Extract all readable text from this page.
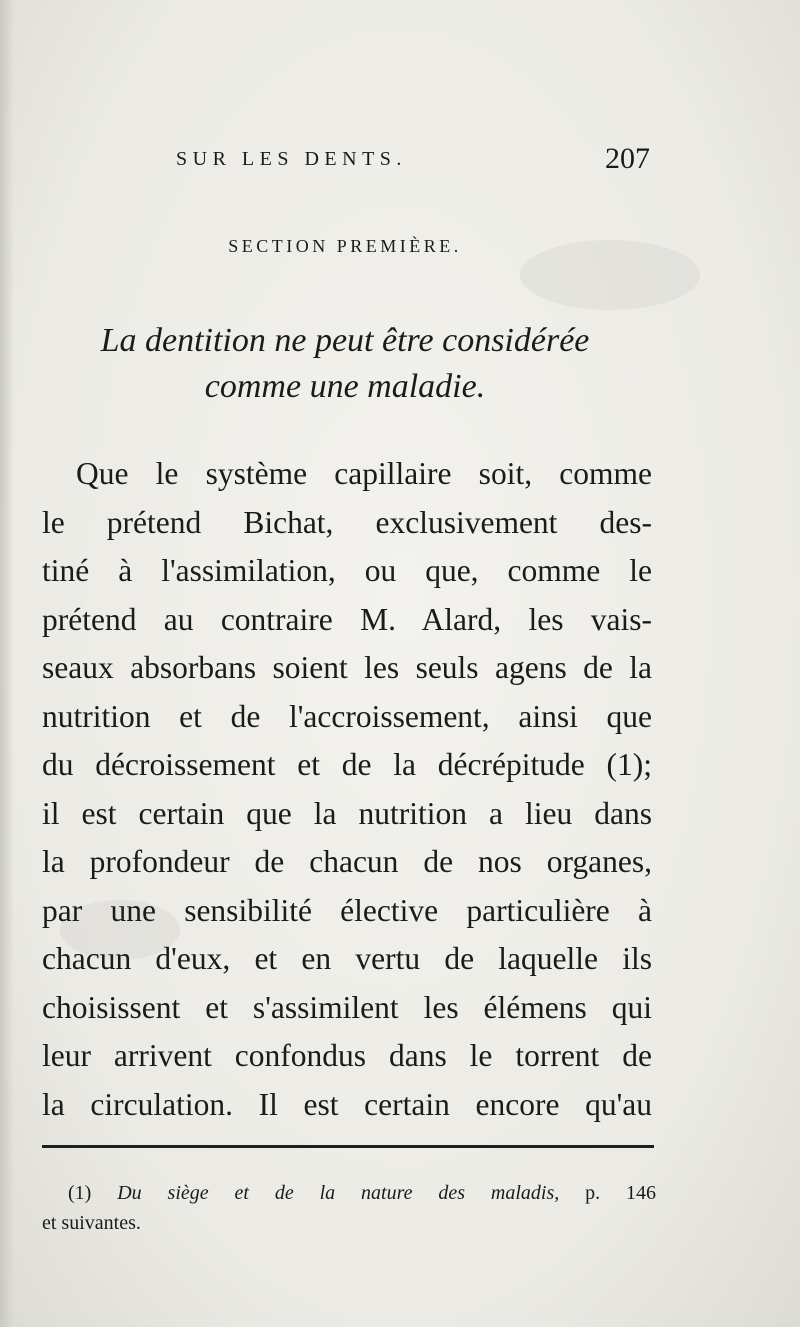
SUR LES DENTS.	207
SECTION PREMIÈRE.
La dentition ne peut être considérée
comme une maladie.
Que le système capillaire soit, comme
le prétend Bichat, exclusivement des-
tiné à l'assimilation, ou que, comme le
prétend au contraire M. Alard, les vais-
seaux absorbans soient les seuls agens de la
nutrition et de l'accroissement, ainsi que
du décroissement et de la décrépitude (1);
il est certain que la nutrition a lieu dans
la profondeur de chacun de nos organes,
par une sensibilité élective particulière à
chacun d'eux, et en vertu de laquelle ils
choisissent et s'assimilent les élémens qui
leur arrivent confondus dans le torrent de
la circulation. Il est certain encore qu'au
(1) Du siège et de la nature des maladis, p. 146
et suivantes.
